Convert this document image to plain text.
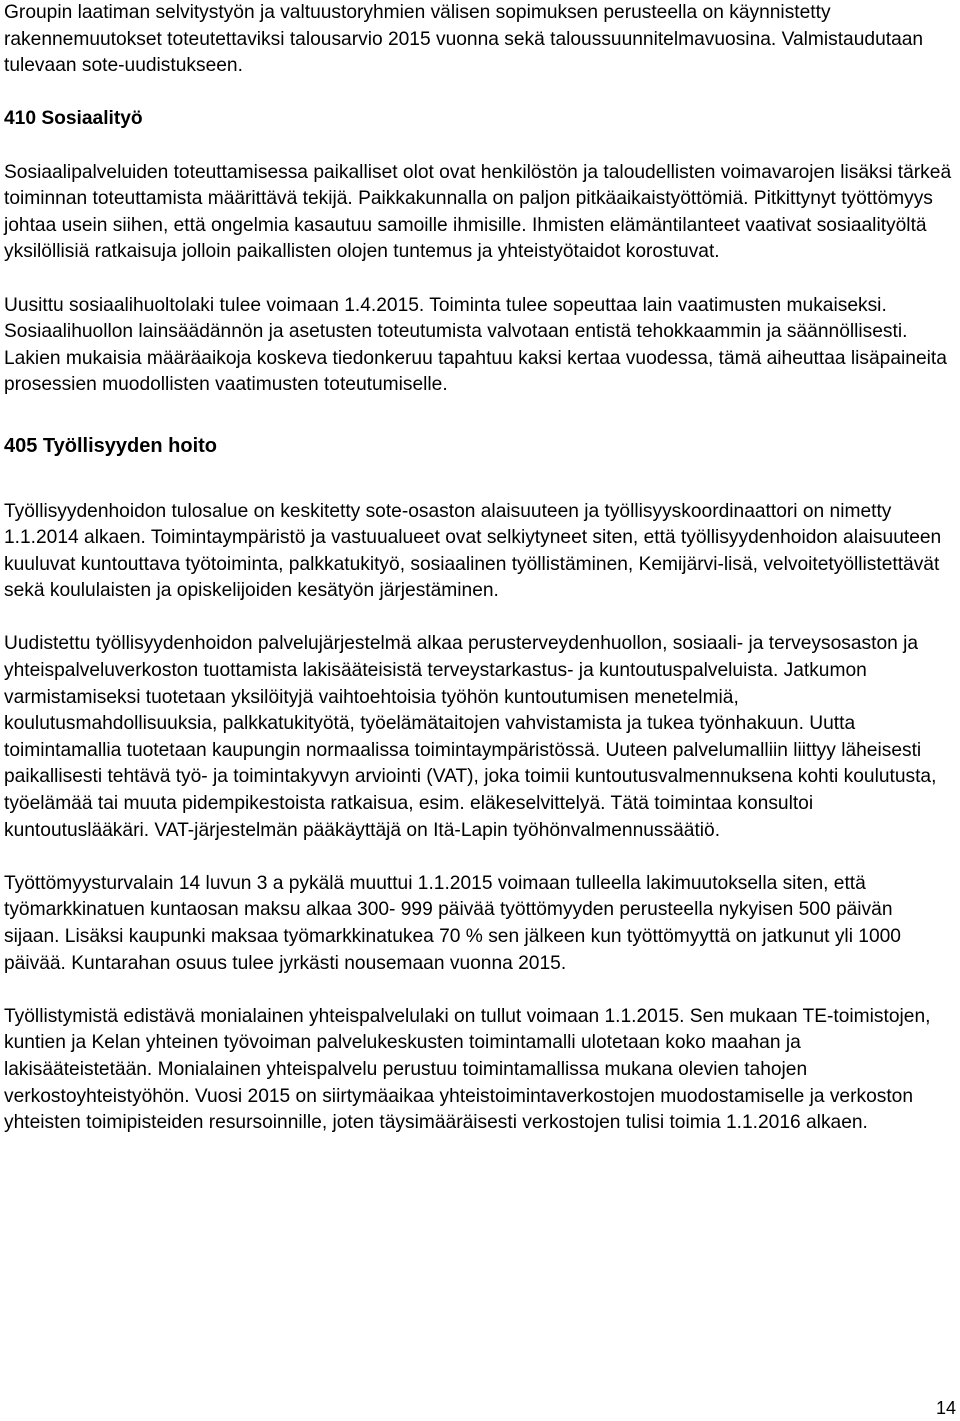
Groupin laatiman selvitystyön ja valtuustoryhmien välisen sopimuksen perusteella on käynnistetty rakennemuutokset toteutettaviksi talousarvio 2015 vuonna sekä taloussuunnitelmavuosina. Valmistaudutaan tulevaan sote-uudistukseen.

410 Sosiaalityö

Sosiaalipalveluiden toteuttamisessa paikalliset olot ovat henkilöstön ja taloudellisten voimavarojen lisäksi tärkeä toiminnan toteuttamista määrittävä tekijä. Paikkakunnalla on paljon pitkäaikaistyöttömiä. Pitkittynyt työttömyys johtaa usein siihen, että ongelmia kasautuu samoille ihmisille. Ihmisten elämäntilanteet vaativat sosiaalityöltä yksilöllisiä ratkaisuja jolloin paikallisten olojen tuntemus ja yhteistyötaidot korostuvat.

Uusittu sosiaalihuoltolaki tulee voimaan 1.4.2015. Toiminta tulee sopeuttaa lain vaatimusten mukaiseksi. Sosiaalihuollon lainsäädännön ja asetusten toteutumista valvotaan entistä tehokkaammin ja säännöllisesti. Lakien mukaisia määräaikoja koskeva tiedonkeruu tapahtuu kaksi kertaa vuodessa, tämä aiheuttaa lisäpaineita prosessien muodollisten vaatimusten toteutumiselle.

405 Työllisyyden hoito

Työllisyydenhoidon tulosalue on keskitetty sote-osaston alaisuuteen ja työllisyyskoordinaattori on nimetty 1.1.2014 alkaen. Toimintaympäristö ja vastuualueet ovat selkiytyneet siten, että työllisyydenhoidon alaisuuteen kuuluvat kuntouttava työtoiminta, palkkatukityö, sosiaalinen työllistäminen, Kemijärvi-lisä, velvoitetyöllistettävät sekä koululaisten ja opiskelijoiden kesätyön järjestäminen.

Uudistettu työllisyydenhoidon palvelujärjestelmä alkaa perusterveydenhuollon, sosiaali- ja terveysosaston ja yhteispalveluverkoston tuottamista lakisääteisistä terveystarkastus- ja kuntoutuspalveluista. Jatkumon varmistamiseksi tuotetaan yksilöityjä vaihtoehtoisia työhön kuntoutumisen menetelmiä, koulutusmahdollisuuksia, palkkatukityötä, työelämätaitojen vahvistamista ja tukea työnhakuun. Uutta toimintamallia tuotetaan kaupungin normaalissa toimintaympäristössä. Uuteen palvelumalliin liittyy läheisesti paikallisesti tehtävä työ- ja toimintakyvyn arviointi (VAT), joka toimii kuntoutusvalmennuksena kohti koulutusta, työelämää tai muuta pidempikestoista ratkaisua, esim. eläkeselvittelyä. Tätä toimintaa konsultoi kuntoutuslääkäri. VAT-järjestelmän pääkäyttäjä on Itä-Lapin työhönvalmennussäätiö.

Työttömyysturvalain 14 luvun 3 a pykälä muuttui 1.1.2015 voimaan tulleella lakimuutoksella siten, että työmarkkinatuen kuntaosan maksu alkaa 300- 999 päivää työttömyyden perusteella nykyisen 500 päivän sijaan. Lisäksi kaupunki maksaa työmarkkinatukea 70 % sen jälkeen kun työttömyyttä on jatkunut yli 1000 päivää. Kuntarahan osuus tulee jyrkästi nousemaan vuonna 2015.

Työllistymistä edistävä monialainen yhteispalvelulaki on tullut voimaan 1.1.2015. Sen mukaan TE-toimistojen, kuntien ja Kelan yhteinen työvoiman palvelukeskusten toimintamalli ulotetaan koko maahan ja lakisääteistetään. Monialainen yhteispalvelu perustuu toimintamallissa mukana olevien tahojen verkostoyhteistyöhön. Vuosi 2015 on siirtymäaikaa yhteistoimintaverkostojen muodostamiselle ja verkoston yhteisten toimipisteiden resursoinnille, joten täysimääräisesti verkostojen tulisi toimia 1.1.2016 alkaen.

14
